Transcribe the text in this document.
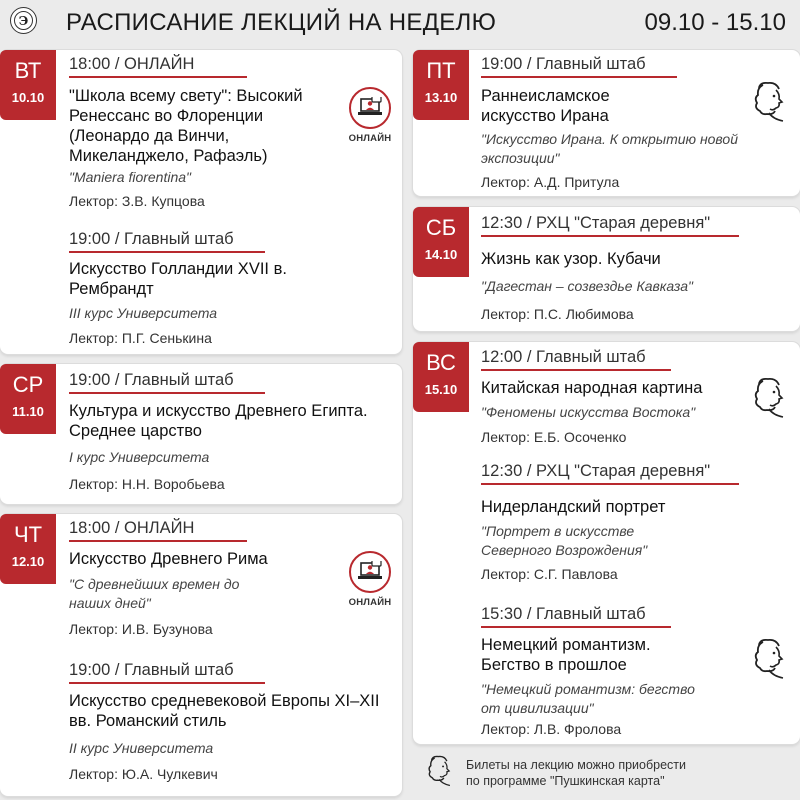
Э РАСПИСАНИЕ ЛЕКЦИЙ НА НЕДЕЛЮ	09.10 - 15.10
ВТ
10.10
18:00 / ОНЛАЙН
"Школа всему свету": Высокий Ренессанс во Флоренции (Леонардо да Винчи, Микеланджело, Рафаэль)
"Maniera fiorentina"
Лектор: З.В. Купцова
ОНЛАЙН
19:00 / Главный штаб
Искусство Голландии XVII в. Рембрандт
III курс Университета
Лектор: П.Г. Сенькина
СР
11.10
19:00 / Главный штаб
Культура и искусство Древнего Египта. Среднее царство
I курс Университета
Лектор: Н.Н. Воробьева
ЧТ
12.10
18:00 / ОНЛАЙН
Искусство Древнего Рима
"С древнейших времен до наших дней"
Лектор: И.В. Бузунова
ОНЛАЙН
19:00 / Главный штаб
Искусство средневековой Европы XI–XII вв. Романский стиль
II курс Университета
Лектор: Ю.А. Чулкевич
ПТ
13.10
19:00 / Главный штаб
Раннеисламское искусство Ирана
"Искусство Ирана. К открытию новой экспозиции"
Лектор: А.Д. Притула
СБ
14.10
12:30 / РХЦ "Старая деревня"
Жизнь как узор. Кубачи
"Дагестан – созвездье Кавказа"
Лектор: П.С. Любимова
ВС
15.10
12:00 / Главный штаб
Китайская народная картина
"Феномены искусства Востока"
Лектор: Е.Б. Осоченко
12:30 / РХЦ "Старая деревня"
Нидерландский портрет
"Портрет в искусстве Северного Возрождения"
Лектор: С.Г. Павлова
15:30 / Главный штаб
Немецкий романтизм. Бегство в прошлое
"Немецкий романтизм: бегство от цивилизации"
Лектор: Л.В. Фролова
Билеты на лекцию можно приобрести
по программе "Пушкинская карта"
